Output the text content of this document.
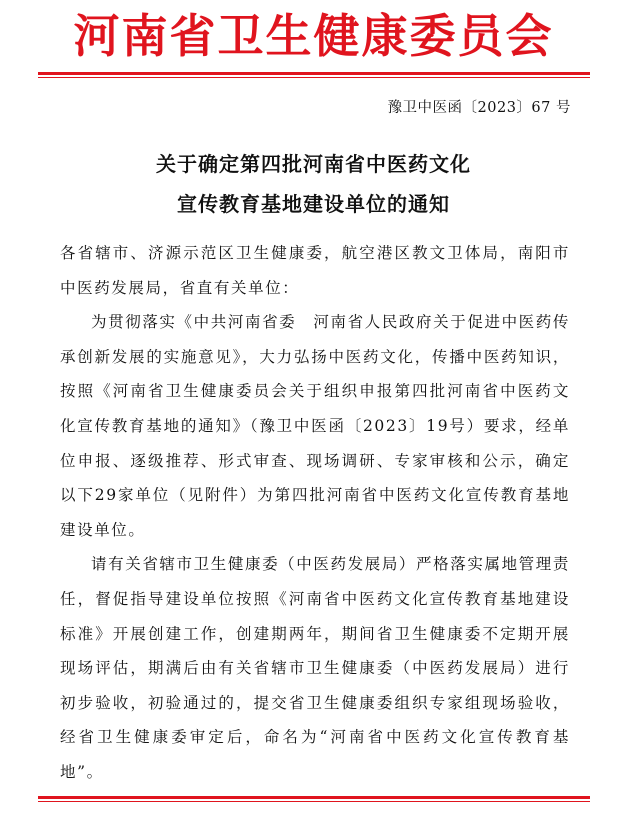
河南省卫生健康委员会
豫卫中医函〔2023〕67 号
关于确定第四批河南省中医药文化
宣传教育基地建设单位的通知

各省辖市、济源示范区卫生健康委，航空港区教文卫体局，南阳市中医药发展局，省直有关单位：

为贯彻落实《中共河南省委　河南省人民政府关于促进中医药传承创新发展的实施意见》，大力弘扬中医药文化，传播中医药知识，按照《河南省卫生健康委员会关于组织申报第四批河南省中医药文化宣传教育基地的通知》（豫卫中医函〔2023〕19号）要求，经单位申报、逐级推荐、形式审查、现场调研、专家审核和公示，确定以下29家单位（见附件）为第四批河南省中医药文化宣传教育基地建设单位。

请有关省辖市卫生健康委（中医药发展局）严格落实属地管理责任，督促指导建设单位按照《河南省中医药文化宣传教育基地建设标准》开展创建工作，创建期两年，期间省卫生健康委不定期开展现场评估，期满后由有关省辖市卫生健康委（中医药发展局）进行初步验收，初验通过的，提交省卫生健康委组织专家组现场验收，经省卫生健康委审定后，命名为“河南省中医药文化宣传教育基地”。
